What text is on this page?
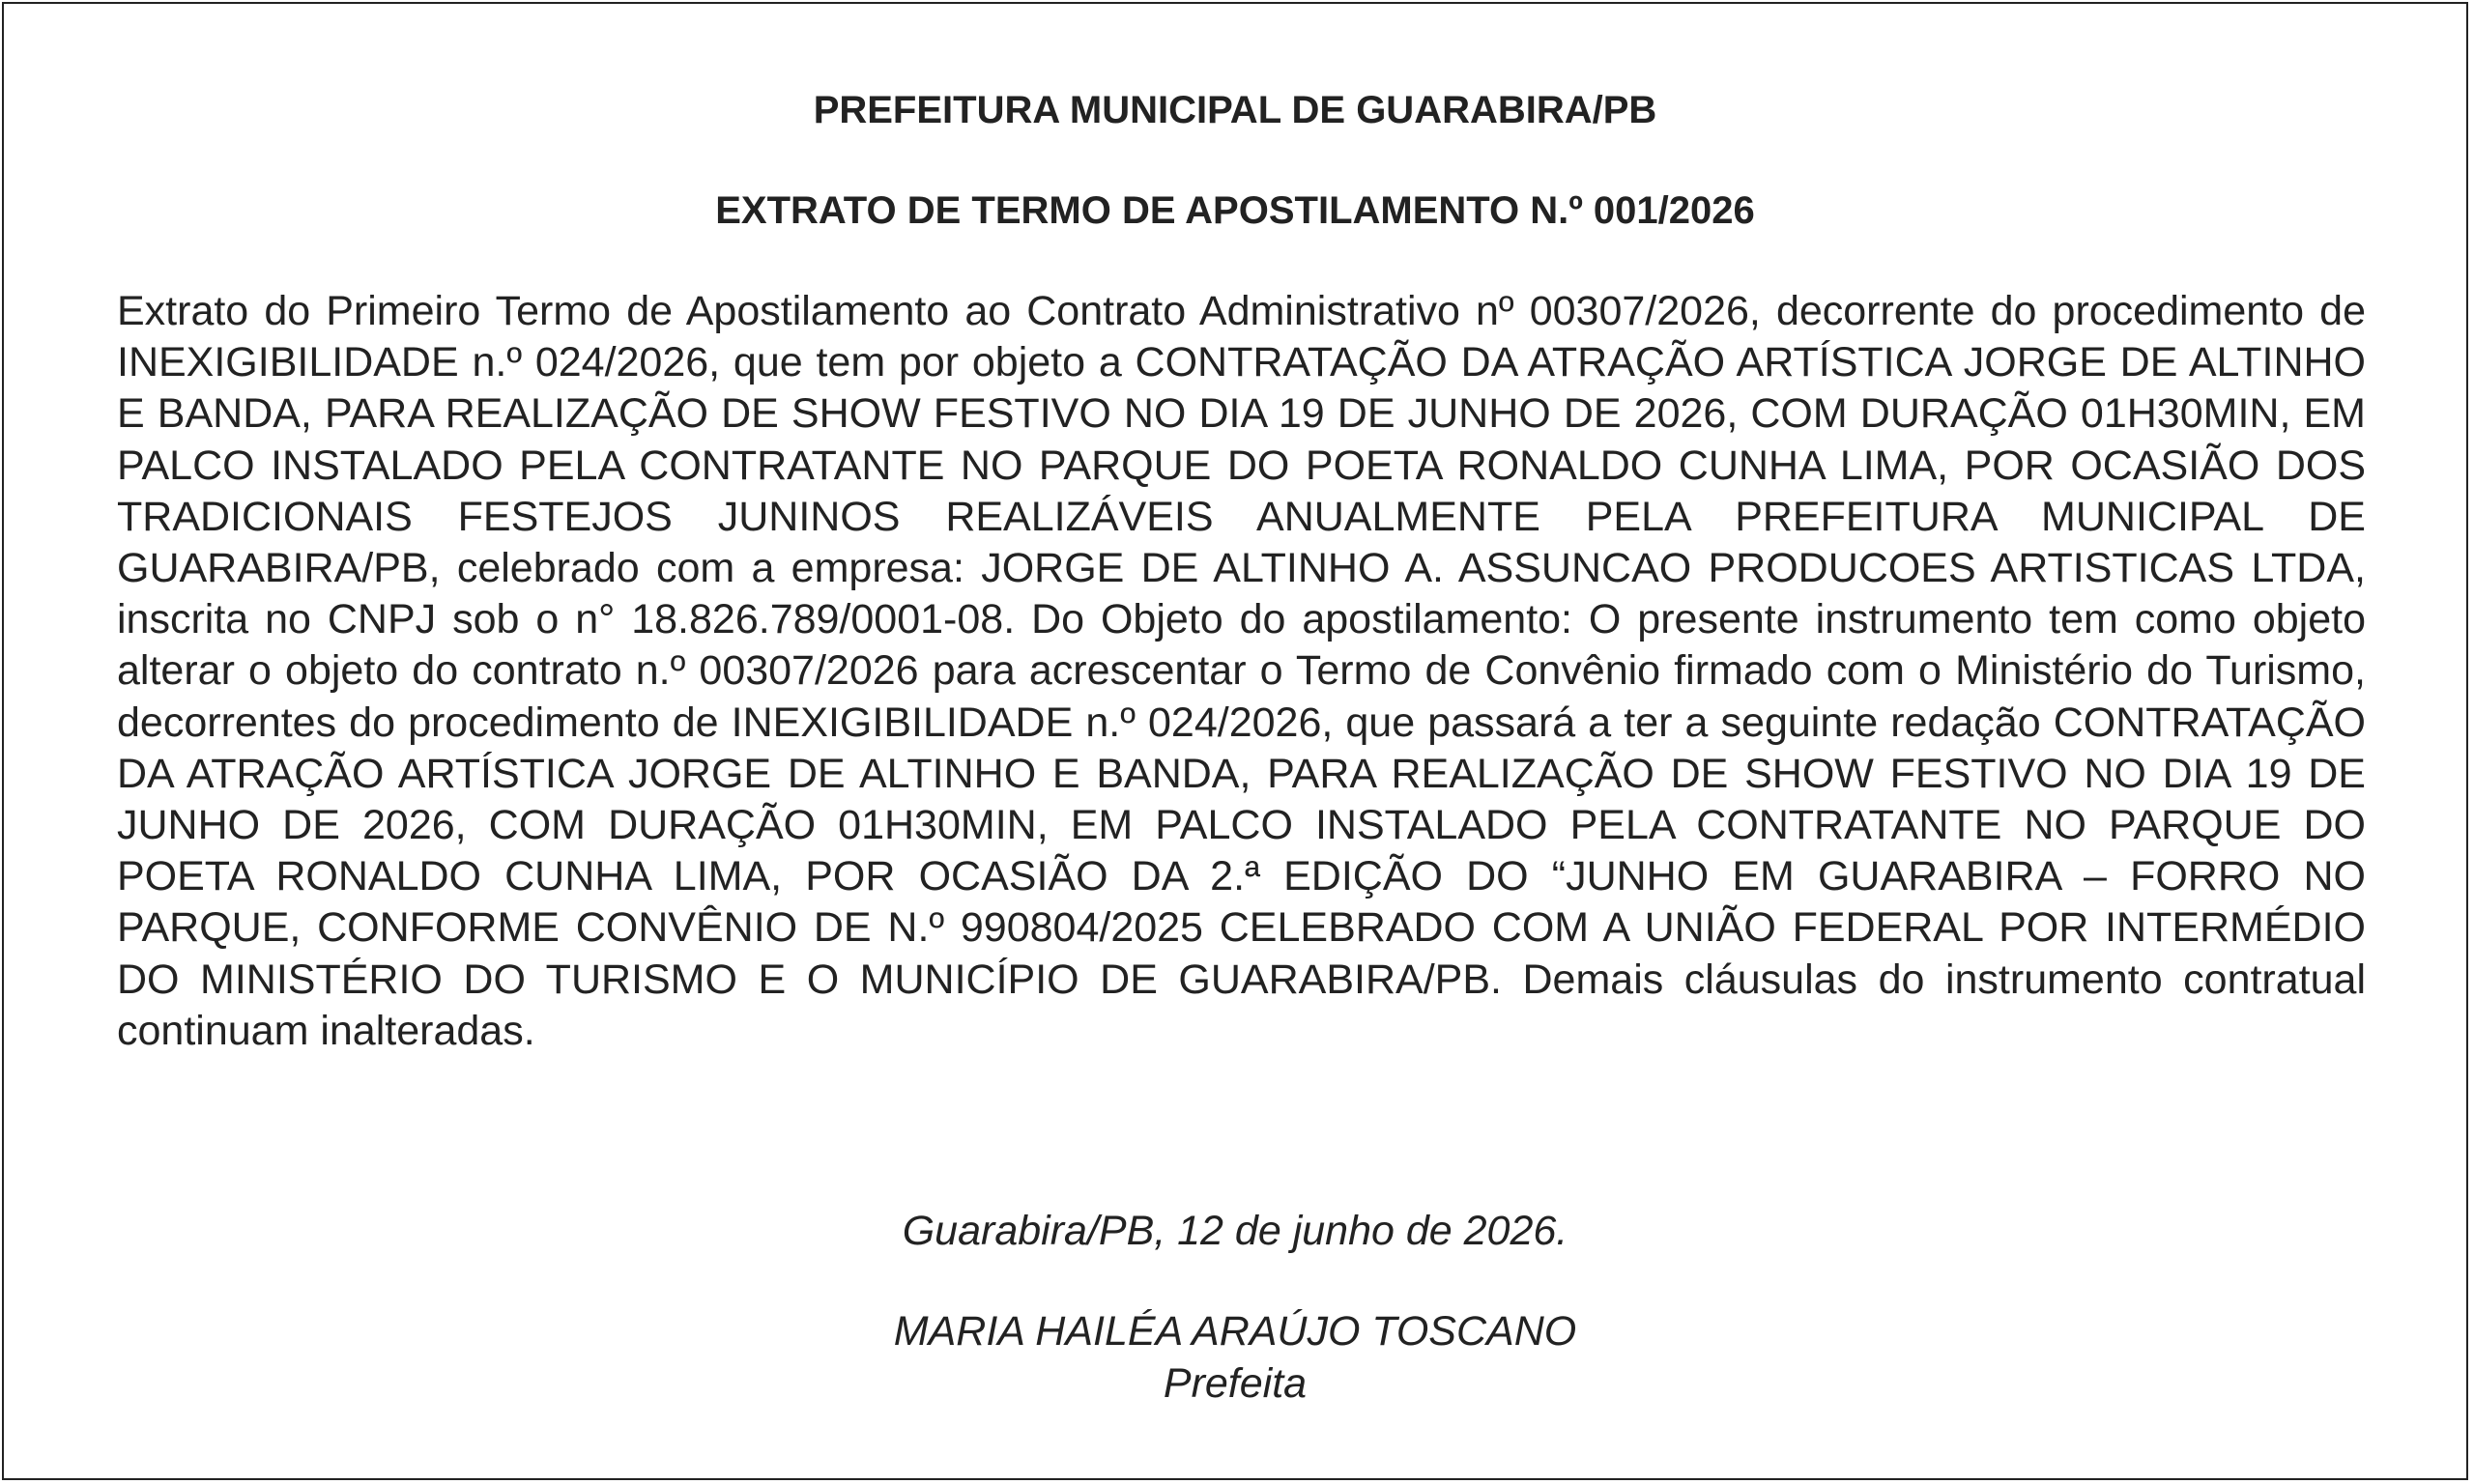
PREFEITURA MUNICIPAL DE GUARABIRA/PB
EXTRATO DE TERMO DE APOSTILAMENTO N.º 001/2026

Extrato do Primeiro Termo de Apostilamento ao Contrato Administrativo nº 00307/2026, decorrente do procedimento de INEXIGIBILIDADE n.º 024/2026, que tem por objeto a CONTRATAÇÃO DA ATRAÇÃO ARTÍSTICA JORGE DE ALTINHO E BANDA, PARA REALIZAÇÃO DE SHOW FESTIVO NO DIA 19 DE JUNHO DE 2026, COM DURAÇÃO 01H30MIN, EM PALCO INSTALADO PELA CONTRATANTE NO PARQUE DO POETA RONALDO CUNHA LIMA, POR OCASIÃO DOS TRADICIONAIS FESTEJOS JUNINOS REALIZÁVEIS ANUALMENTE PELA PREFEITURA MUNICIPAL DE GUARABIRA/PB, celebrado com a empresa: JORGE DE ALTINHO A. ASSUNCAO PRODUCOES ARTISTICAS LTDA, inscrita no CNPJ sob o n° 18.826.789/0001-08. Do Objeto do apostilamento: O presente instrumento tem como objeto alterar o objeto do contrato n.º 00307/2026 para acrescentar o Termo de Convênio firmado com o Ministério do Turismo, decorrentes do procedimento de INEXIGIBILIDADE n.º 024/2026, que passará a ter a seguinte redação CONTRATAÇÃO DA ATRAÇÃO ARTÍSTICA JORGE DE ALTINHO E BANDA, PARA REALIZAÇÃO DE SHOW FESTIVO NO DIA 19 DE JUNHO DE 2026, COM DURAÇÃO 01H30MIN, EM PALCO INSTALADO PELA CONTRATANTE NO PARQUE DO POETA RONALDO CUNHA LIMA, POR OCASIÃO DA 2.ª EDIÇÃO DO “JUNHO EM GUARABIRA – FORRO NO PARQUE, CONFORME CONVÊNIO DE N.º 990804/2025 CELEBRADO COM A UNIÃO FEDERAL POR INTERMÉDIO DO MINISTÉRIO DO TURISMO E O MUNICÍPIO DE GUARABIRA/PB. Demais cláusulas do instrumento contratual continuam inalteradas.

Guarabira/PB, 12 de junho de 2026.

MARIA HAILÉA ARAÚJO TOSCANO

Prefeita
